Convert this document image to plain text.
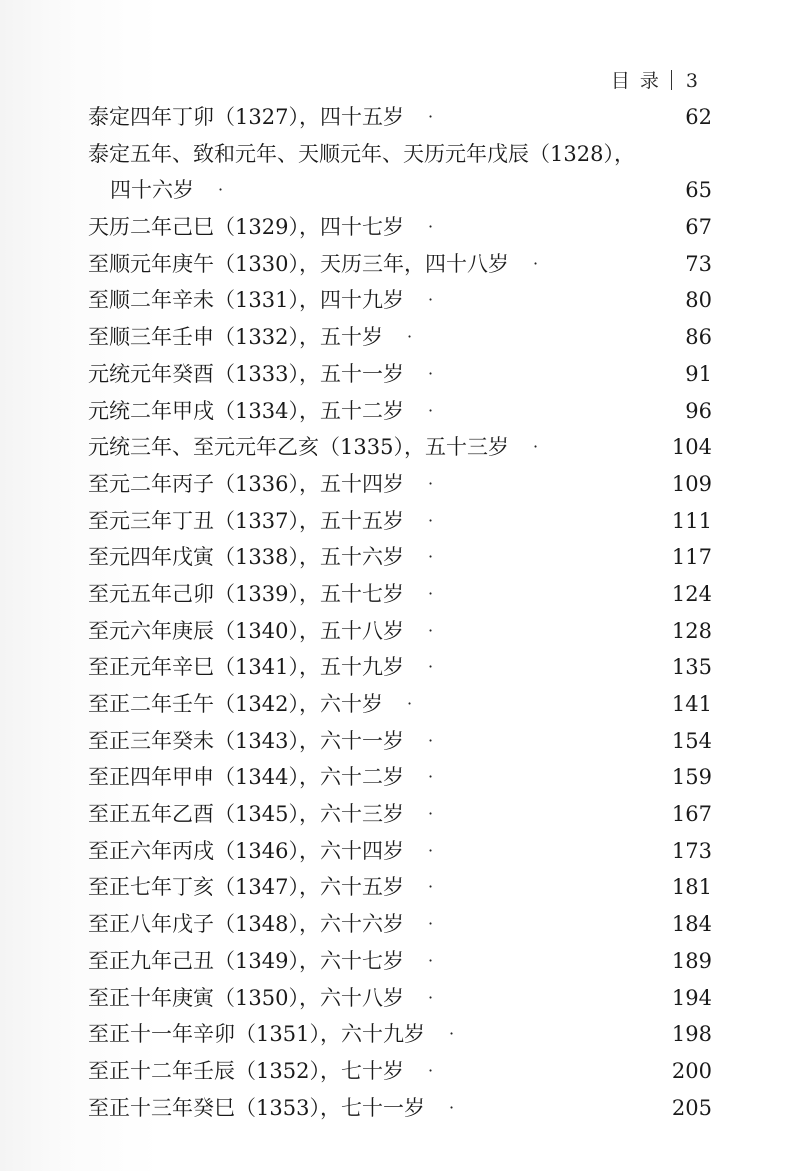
目 录 3
泰定四年丁卯（1327），四十五岁 ·	62
泰定五年、致和元年、天顺元年、天历元年戊辰（1328），
四十六岁 ·	65
天历二年己巳（1329），四十七岁 ·	67
至顺元年庚午（1330），天历三年，四十八岁 ·	73
至顺二年辛未（1331），四十九岁 ·	80
至顺三年壬申（1332），五十岁 ·	86
元统元年癸酉（1333），五十一岁 ·	91
元统二年甲戌（1334），五十二岁 ·	96
元统三年、至元元年乙亥（1335），五十三岁 ·	104
至元二年丙子（1336），五十四岁 ·	109
至元三年丁丑（1337），五十五岁 ·	111
至元四年戊寅（1338），五十六岁 ·	117
至元五年己卯（1339），五十七岁 ·	124
至元六年庚辰（1340），五十八岁 ·	128
至正元年辛巳（1341），五十九岁 ·	135
至正二年壬午（1342），六十岁 ·	141
至正三年癸未（1343），六十一岁 ·	154
至正四年甲申（1344），六十二岁 ·	159
至正五年乙酉（1345），六十三岁 ·	167
至正六年丙戌（1346），六十四岁 ·	173
至正七年丁亥（1347），六十五岁 ·	181
至正八年戊子（1348），六十六岁 ·	184
至正九年己丑（1349），六十七岁 ·	189
至正十年庚寅（1350），六十八岁 ·	194
至正十一年辛卯（1351），六十九岁 ·	198
至正十二年壬辰（1352），七十岁 ·	200
至正十三年癸巳（1353），七十一岁 ·	205
